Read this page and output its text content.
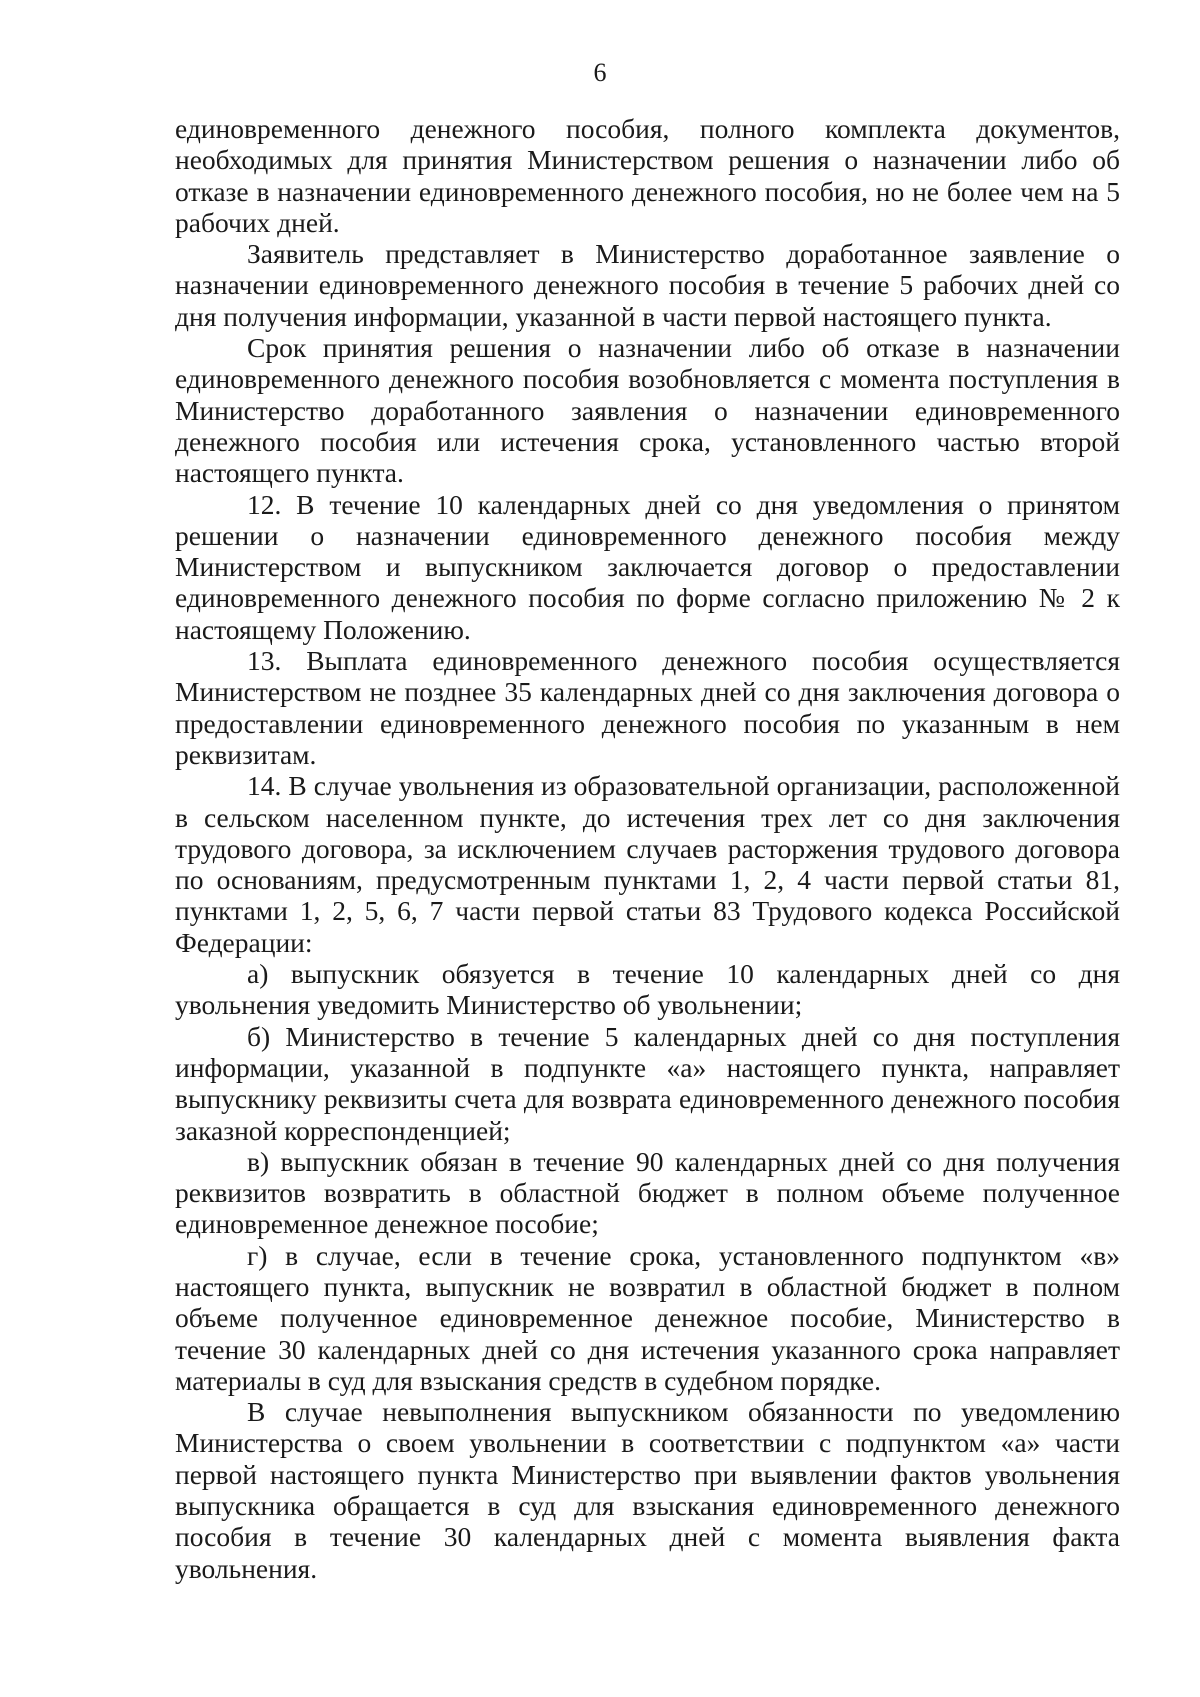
6

единовременного денежного пособия, полного комплекта документов, необходимых для принятия Министерством решения о назначении либо об отказе в назначении единовременного денежного пособия, но не более чем на 5 рабочих дней.

Заявитель представляет в Министерство доработанное заявление о назначении единовременного денежного пособия в течение 5 рабочих дней со дня получения информации, указанной в части первой настоящего пункта.

Срок принятия решения о назначении либо об отказе в назначении единовременного денежного пособия возобновляется с момента поступления в Министерство доработанного заявления о назначении единовременного денежного пособия или истечения срока, установленного частью второй настоящего пункта.

12. В течение 10 календарных дней со дня уведомления о принятом решении о назначении единовременного денежного пособия между Министерством и выпускником заключается договор о предоставлении единовременного денежного пособия по форме согласно приложению № 2 к настоящему Положению.

13. Выплата единовременного денежного пособия осуществляется Министерством не позднее 35 календарных дней со дня заключения договора о предоставлении единовременного денежного пособия по указанным в нем реквизитам.

14. В случае увольнения из образовательной организации, расположенной в сельском населенном пункте, до истечения трех лет со дня заключения трудового договора, за исключением случаев расторжения трудового договора по основаниям, предусмотренным пунктами 1, 2, 4 части первой статьи 81, пунктами 1, 2, 5, 6, 7 части первой статьи 83 Трудового кодекса Российской Федерации:

а) выпускник обязуется в течение 10 календарных дней со дня увольнения уведомить Министерство об увольнении;

б) Министерство в течение 5 календарных дней со дня поступления информации, указанной в подпункте «а» настоящего пункта, направляет выпускнику реквизиты счета для возврата единовременного денежного пособия заказной корреспонденцией;

в) выпускник обязан в течение 90 календарных дней со дня получения реквизитов возвратить в областной бюджет в полном объеме полученное единовременное денежное пособие;

г) в случае, если в течение срока, установленного подпунктом «в» настоящего пункта, выпускник не возвратил в областной бюджет в полном объеме полученное единовременное денежное пособие, Министерство в течение 30 календарных дней со дня истечения указанного срока направляет материалы в суд для взыскания средств в судебном порядке.

В случае невыполнения выпускником обязанности по уведомлению Министерства о своем увольнении в соответствии с подпунктом «а» части первой настоящего пункта Министерство при выявлении фактов увольнения выпускника обращается в суд для взыскания единовременного денежного пособия в течение 30 календарных дней с момента выявления факта увольнения.
